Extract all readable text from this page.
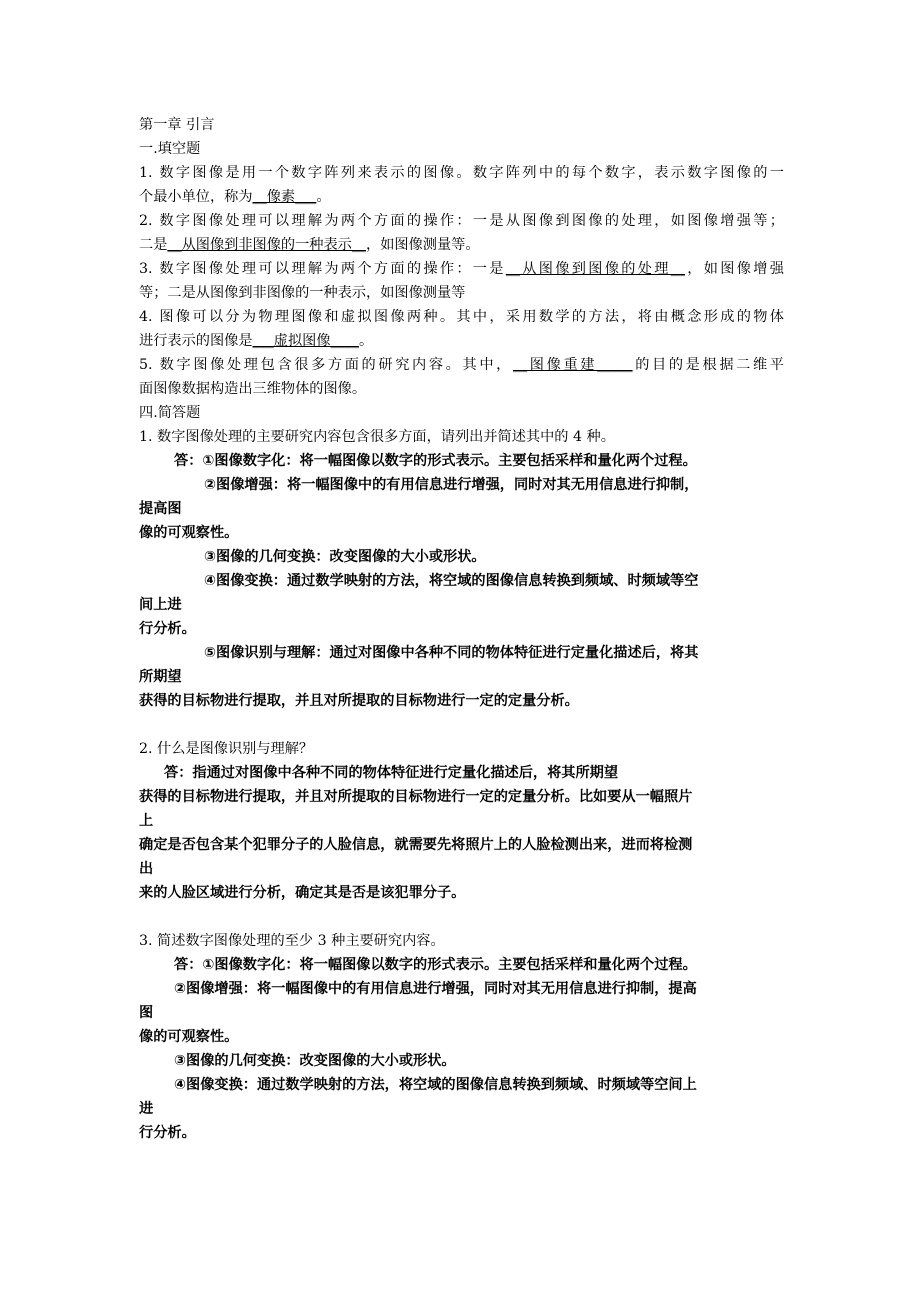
第一章 引言
一.填空题
1. 数字图像是用一个数字阵列来表示的图像。数字阵列中的每个数字，表示数字图像的一
个最小单位，称为__像素___。
2. 数字图像处理可以理解为两个方面的操作：一是从图像到图像的处理，如图像增强等；
二是__从图像到非图像的一种表示__，如图像测量等。
3. 数字图像处理可以理解为两个方面的操作：一是__从图像到图像的处理__，如图像增强
等；二是从图像到非图像的一种表示，如图像测量等
4. 图像可以分为物理图像和虚拟图像两种。其中，采用数学的方法，将由概念形成的物体
进行表示的图像是___虚拟图像____。
5. 数字图像处理包含很多方面的研究内容。其中，__图像重建_____的目的是根据二维平
面图像数据构造出三维物体的图像。
四.简答题
1. 数字图像处理的主要研究内容包含很多方面，请列出并简述其中的 4 种。
答：①图像数字化：将一幅图像以数字的形式表示。主要包括采样和量化两个过程。
②图像增强：将一幅图像中的有用信息进行增强，同时对其无用信息进行抑制，
提高图
像的可观察性。
③图像的几何变换：改变图像的大小或形状。
④图像变换：通过数学映射的方法，将空域的图像信息转换到频域、时频域等空
间上进
行分析。
⑤图像识别与理解：通过对图像中各种不同的物体特征进行定量化描述后，将其
所期望
获得的目标物进行提取，并且对所提取的目标物进行一定的定量分析。
2. 什么是图像识别与理解？
答：指通过对图像中各种不同的物体特征进行定量化描述后，将其所期望
获得的目标物进行提取，并且对所提取的目标物进行一定的定量分析。比如要从一幅照片
上
确定是否包含某个犯罪分子的人脸信息，就需要先将照片上的人脸检测出来，进而将检测
出
来的人脸区域进行分析，确定其是否是该犯罪分子。
3. 简述数字图像处理的至少 3 种主要研究内容。
答：①图像数字化：将一幅图像以数字的形式表示。主要包括采样和量化两个过程。
②图像增强：将一幅图像中的有用信息进行增强，同时对其无用信息进行抑制，提高
图
像的可观察性。
③图像的几何变换：改变图像的大小或形状。
④图像变换：通过数学映射的方法，将空域的图像信息转换到频域、时频域等空间上
进
行分析。
